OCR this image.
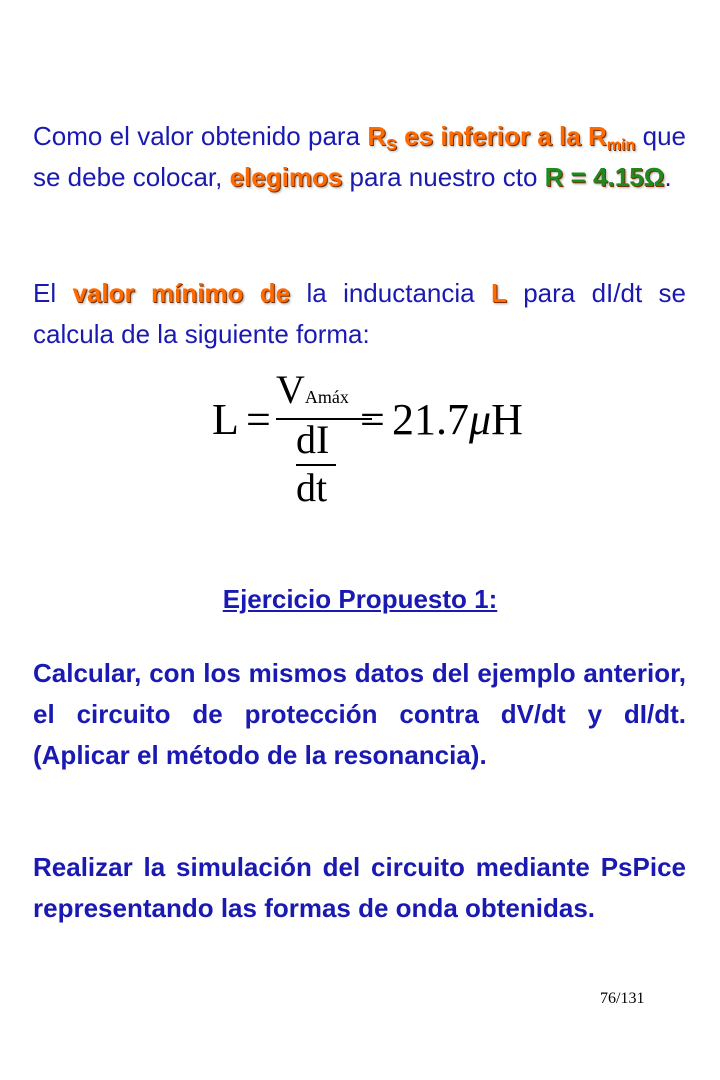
Como el valor obtenido para $R_S$ es inferior a la $R_{min}$ que se debe colocar, elegimos para nuestro cto R = 4.15Ω.
El valor mínimo de la inductancia L para dI/dt se calcula de la siguiente forma:
L =
VAmáx
dI
dt
= 21.7μH
Ejercicio Propuesto 1:
Calcular, con los mismos datos del ejemplo anterior, el circuito de protección contra dV/dt y dI/dt. (Aplicar el método de la resonancia).
Realizar la simulación del circuito mediante PsPice representando las formas de onda obtenidas.
76/131
